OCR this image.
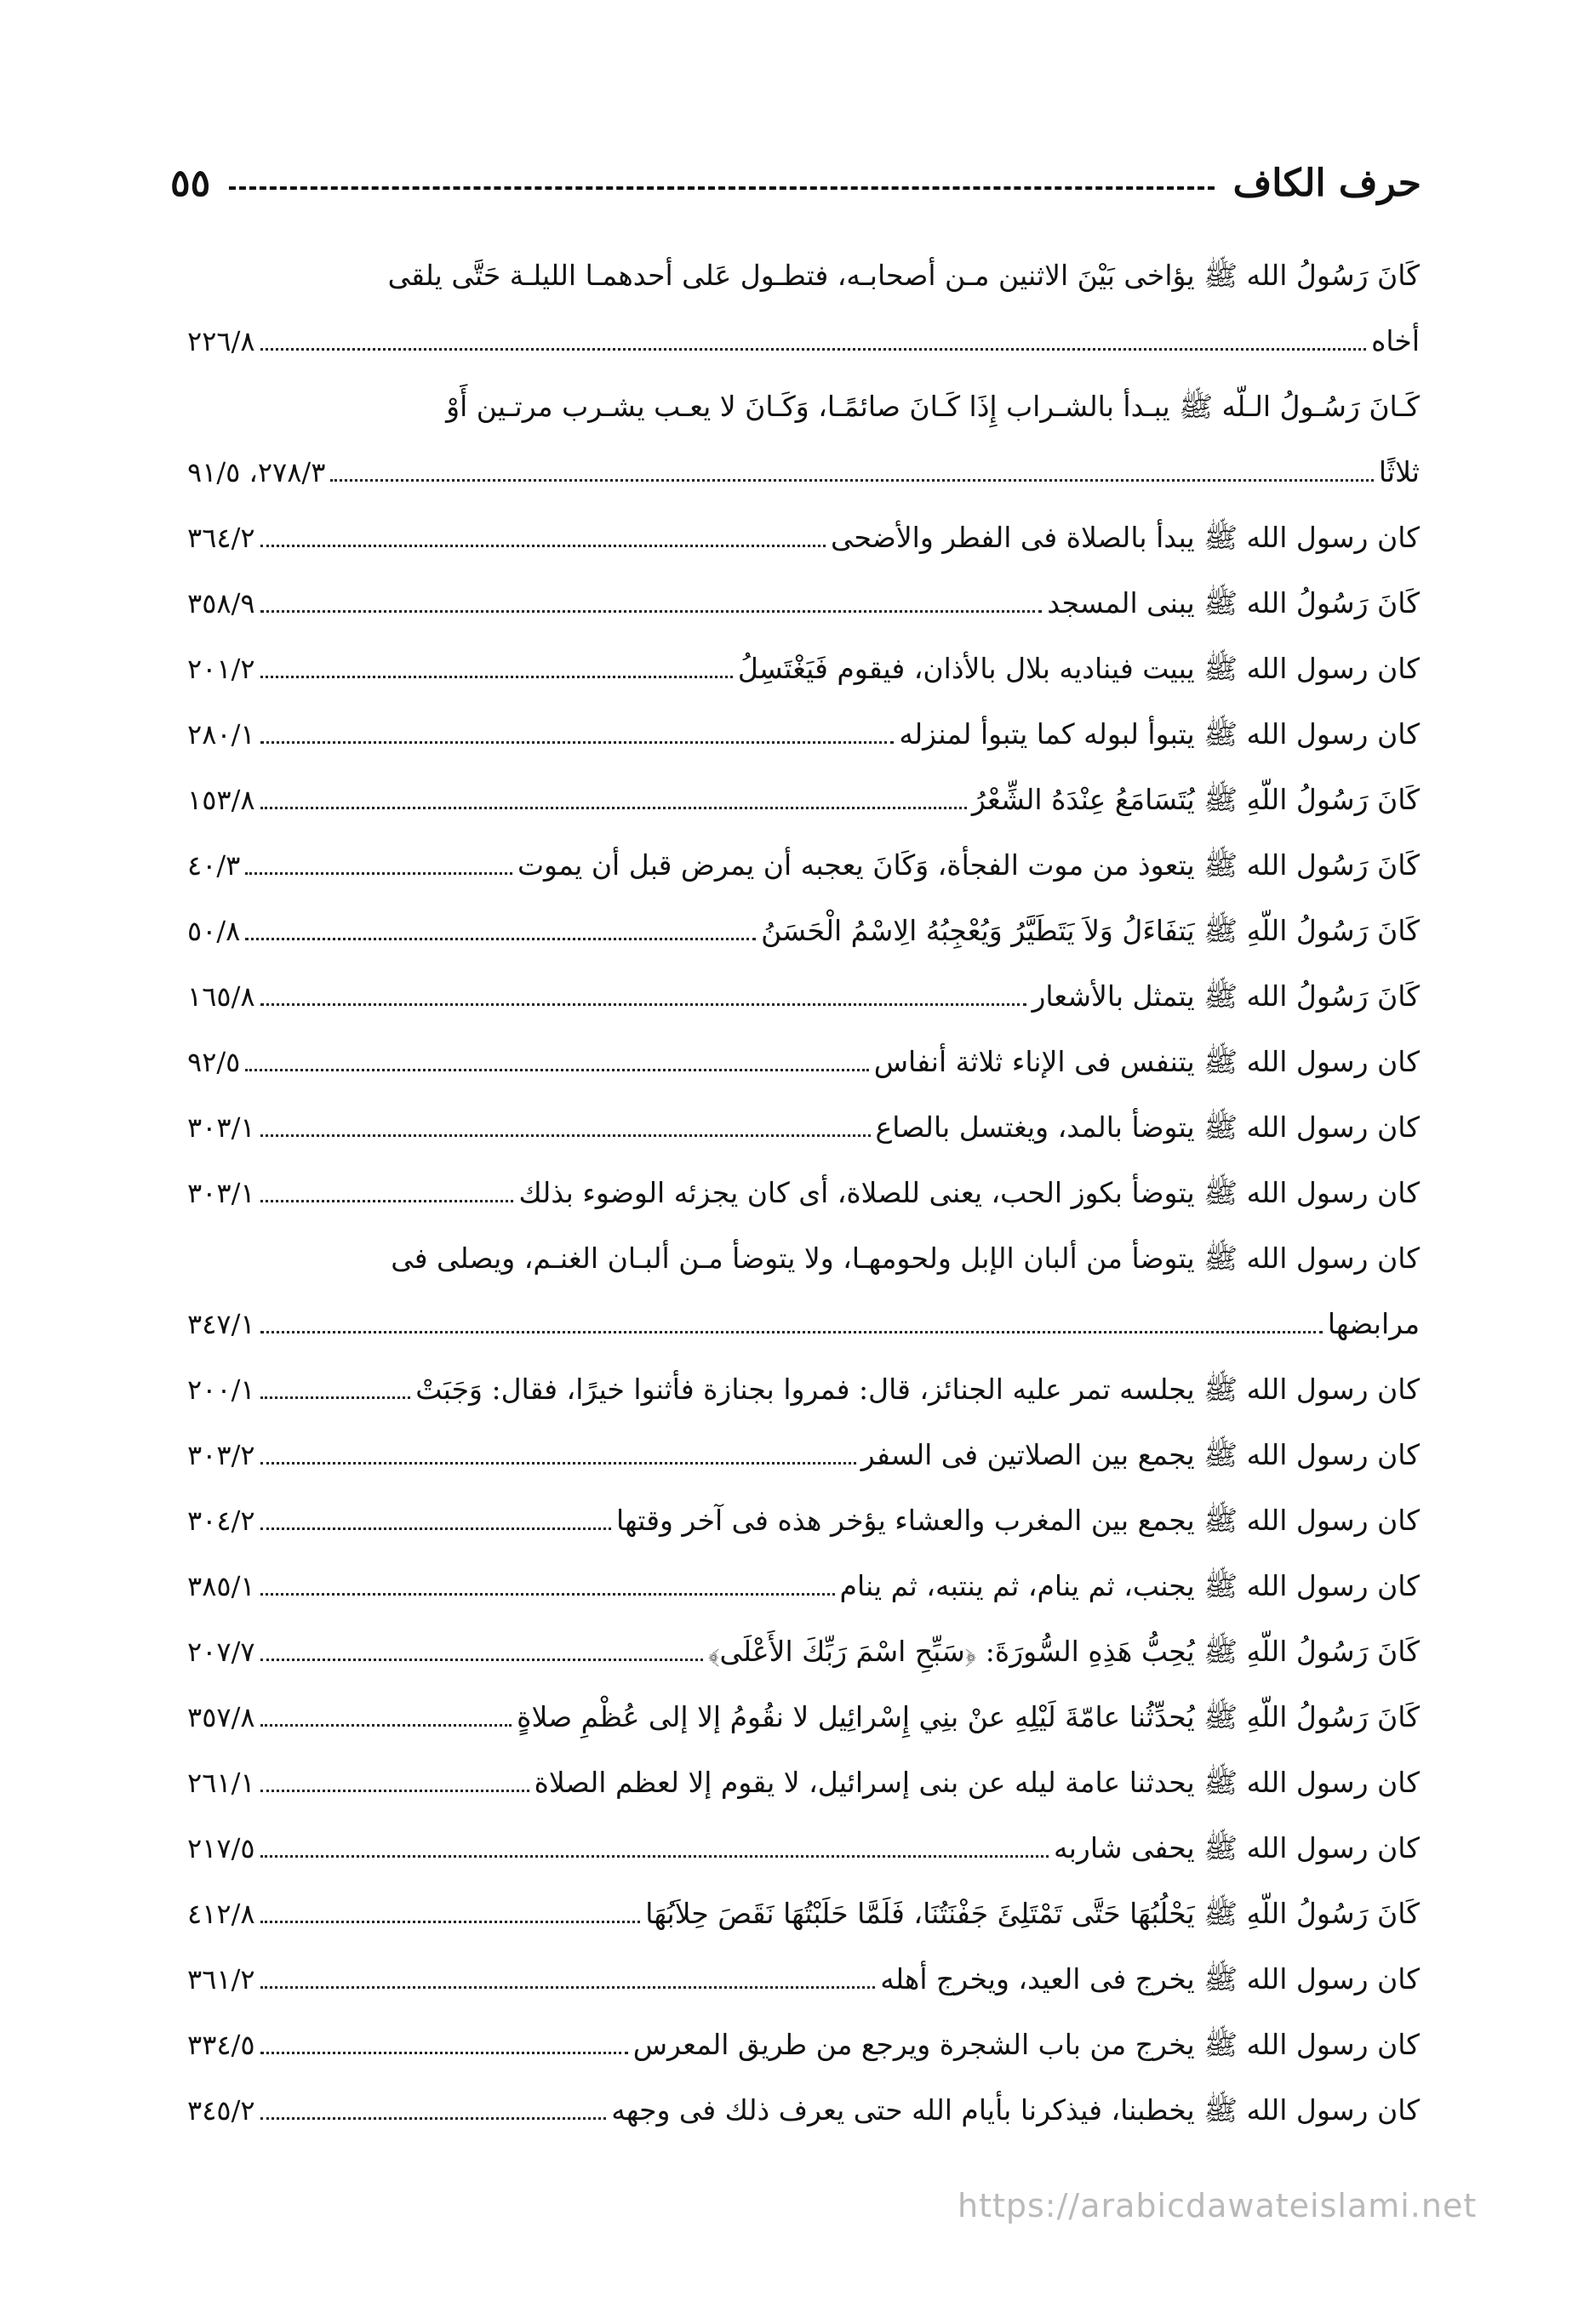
حرف الكاف
٥٥
كَانَ رَسُولُ الله ﷺ يؤاخى بَيْنَ الاثنين مـن أصحابـه، فتطـول عَلى أحدهمـا الليلـة حَتَّى يلقى
أخاه
٢٢٦/٨
كَـانَ رَسُـولُ الـلّه ﷺ يبـدأ بالشـراب إِذَا كَـانَ صائمًـا، وَكَـانَ لا يعـب يشـرب مرتـين أَوْ
ثلاثًا
٢٧٨/٣، ٩١/٥
كان رسول الله ﷺ يبدأ بالصلاة فى الفطر والأضحى
٣٦٤/٢
كَانَ رَسُولُ الله ﷺ يبنى المسجد
٣٥٨/٩
كان رسول الله ﷺ يبيت فيناديه بلال بالأذان، فيقوم فَيَغْتَسِلُ
٢٠١/٢
كان رسول الله ﷺ يتبوأ لبوله كما يتبوأ لمنزله
٢٨٠/١
كَانَ رَسُولُ اللّهِ ﷺ يُتَسَامَعُ عِنْدَهُ الشِّعْرُ
١٥٣/٨
كَانَ رَسُول الله ﷺ يتعوذ من موت الفجأة، وَكَانَ يعجبه أن يمرض قبل أن يموت
٤٠/٣
كَانَ رَسُولُ اللّهِ ﷺ يَتفَاءَلُ وَلاَ يَتَطَيَّرُ وَيُعْجِبُهُ الِاسْمُ الْحَسَنُ
٥٠/٨
كَانَ رَسُولُ الله ﷺ يتمثل بالأشعار
١٦٥/٨
كان رسول الله ﷺ يتنفس فى الإناء ثلاثة أنفاس
٩٢/٥
كان رسول الله ﷺ يتوضأ بالمد، ويغتسل بالصاع
٣٠٣/١
كان رسول الله ﷺ يتوضأ بكوز الحب، يعنى للصلاة، أى كان يجزئه الوضوء بذلك
٣٠٣/١
كان رسول الله ﷺ يتوضأ من ألبان الإبل ولحومهـا، ولا يتوضأ مـن ألبـان الغنـم، ويصلى فى
مرابضها
٣٤٧/١
كان رسول الله ﷺ يجلسه تمر عليه الجنائز، قال: فمروا بجنازة فأثنوا خيرًا، فقال: وَجَبَتْ
٢٠٠/١
كان رسول الله ﷺ يجمع بين الصلاتين فى السفر
٣٠٣/٢
كان رسول الله ﷺ يجمع بين المغرب والعشاء يؤخر هذه فى آخر وقتها
٣٠٤/٢
كان رسول الله ﷺ يجنب، ثم ينام، ثم ينتبه، ثم ينام
٣٨٥/١
كَانَ رَسُولُ اللّهِ ﷺ يُحِبُّ هَذِهِ السُّورَةَ: ﴿سَبِّحِ اسْمَ رَبِّكَ الأَعْلَى﴾
٢٠٧/٧
كَانَ رَسُولُ اللّهِ ﷺ يُحدِّثُنا عامّةَ لَيْلِهِ عنْ بنِي إِسْرائِيل لا نقُومُ إلا إلى عُظْمِ صلاةٍ
٣٥٧/٨
كان رسول الله ﷺ يحدثنا عامة ليله عن بنى إسرائيل، لا يقوم إلا لعظم الصلاة
٢٦١/١
كان رسول الله ﷺ يحفى شاربه
٢١٧/٥
كَانَ رَسُولُ اللّهِ ﷺ يَحْلُبُهَا حَتَّى تَمْتَلِئَ جَفْنَتُنَا، فَلَمَّا حَلَبْتُهَا نَقَصَ حِلاَبُهَا
٤١٢/٨
كان رسول الله ﷺ يخرج فى العيد، ويخرج أهله
٣٦١/٢
كان رسول الله ﷺ يخرج من باب الشجرة ويرجع من طريق المعرس
٣٣٤/٥
كان رسول الله ﷺ يخطبنا، فيذكرنا بأيام الله حتى يعرف ذلك فى وجهه
٣٤٥/٢
https://arabicdawateislami.net
